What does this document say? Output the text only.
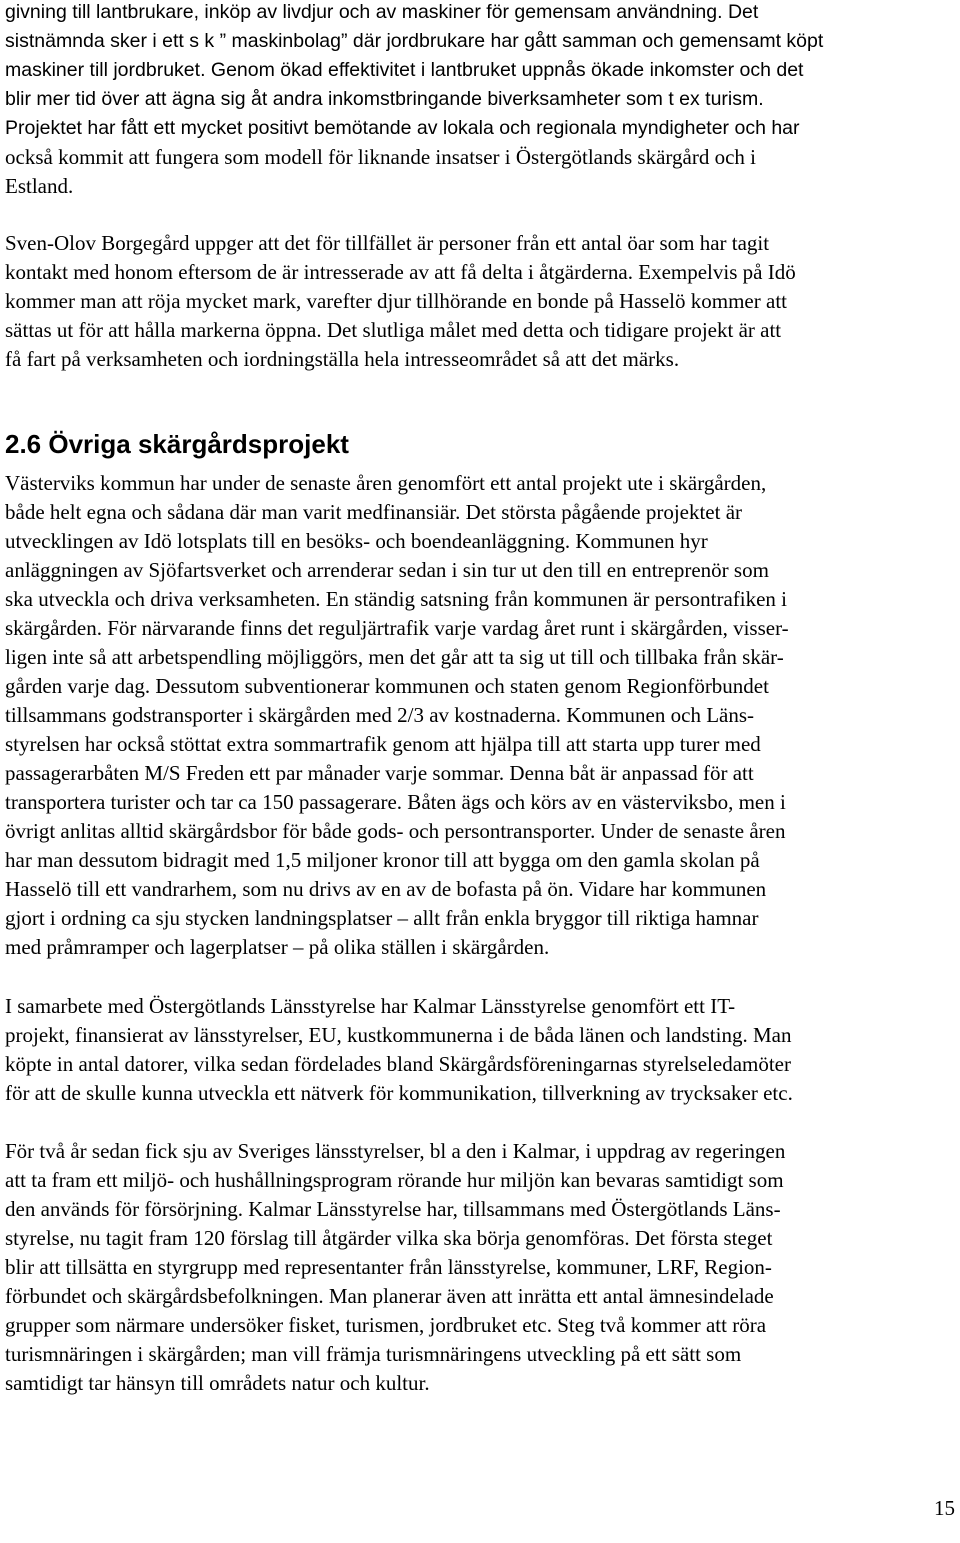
givning till lantbrukare, inköp av livdjur och av maskiner för gemensam användning. Det
sistnämnda sker i ett s k ” maskinbolag” där jordbrukare har gått samman och gemensamt köpt
maskiner till jordbruket. Genom ökad effektivitet i lantbruket uppnås ökade inkomster och det
blir mer tid över att ägna sig åt andra inkomstbringande biverksamheter som t ex turism.
Projektet har fått ett mycket positivt bemötande av lokala och regionala myndigheter och har
också kommit att fungera som modell för liknande insatser i Östergötlands skärgård och i
Estland.
Sven-Olov Borgegård uppger att det för tillfället är personer från ett antal öar som har tagit
kontakt med honom eftersom de är intresserade av att få delta i åtgärderna. Exempelvis på Idö
kommer man att röja mycket mark, varefter djur tillhörande en bonde på Hasselö kommer att
sättas ut för att hålla markerna öppna. Det slutliga målet med detta och tidigare projekt är att
få fart på verksamheten och iordningställa hela intresseområdet så att det märks.
2.6 Övriga skärgårdsprojekt
Västerviks kommun har under de senaste åren genomfört ett antal projekt ute i skärgården,
både helt egna och sådana där man varit medfinansiär. Det största pågående projektet är
utvecklingen av Idö lotsplats till en besöks- och boendeanläggning. Kommunen hyr
anläggningen av Sjöfartsverket och arrenderar sedan i sin tur ut den till en entreprenör som
ska utveckla och driva verksamheten. En ständig satsning från kommunen är persontrafiken i
skärgården. För närvarande finns det reguljärtrafik varje vardag året runt i skärgården, visser-
ligen inte så att arbetspendling möjliggörs, men det går att ta sig ut till och tillbaka från skär-
gården varje dag. Dessutom subventionerar kommunen och staten genom Regionförbundet
tillsammans godstransporter i skärgården med 2/3 av kostnaderna. Kommunen och Läns-
styrelsen har också stöttat extra sommartrafik genom att hjälpa till att starta upp turer med
passagerarbåten M/S Freden ett par månader varje sommar. Denna båt är anpassad för att
transportera turister och tar ca 150 passagerare. Båten ägs och körs av en västerviksbo, men i
övrigt anlitas alltid skärgårdsbor för både gods- och persontransporter. Under de senaste åren
har man dessutom bidragit med 1,5 miljoner kronor till att bygga om den gamla skolan på
Hasselö till ett vandrarhem, som nu drivs av en av de bofasta på ön. Vidare har kommunen
gjort i ordning ca sju stycken landningsplatser – allt från enkla bryggor till riktiga hamnar
med pråmramper och lagerplatser – på olika ställen i skärgården.
I samarbete med Östergötlands Länsstyrelse har Kalmar Länsstyrelse genomfört ett IT-
projekt, finansierat av länsstyrelser, EU, kustkommunerna i de båda länen och landsting. Man
köpte in antal datorer, vilka sedan fördelades bland Skärgårdsföreningarnas styrelseledamöter
för att de skulle kunna utveckla ett nätverk för kommunikation, tillverkning av trycksaker etc.
För två år sedan fick sju av Sveriges länsstyrelser, bl a den i Kalmar, i uppdrag av regeringen
att ta fram ett miljö- och hushållningsprogram rörande hur miljön kan bevaras samtidigt som
den används för försörjning. Kalmar Länsstyrelse har, tillsammans med Östergötlands Läns-
styrelse, nu tagit fram 120 förslag till åtgärder vilka ska börja genomföras. Det första steget
blir att tillsätta en styrgrupp med representanter från länsstyrelse, kommuner, LRF, Region-
förbundet och skärgårdsbefolkningen. Man planerar även att inrätta ett antal ämnesindelade
grupper som närmare undersöker fisket, turismen, jordbruket etc. Steg två kommer att röra
turismnäringen i skärgården; man vill främja turismnäringens utveckling på ett sätt som
samtidigt tar hänsyn till områdets natur och kultur.
15
